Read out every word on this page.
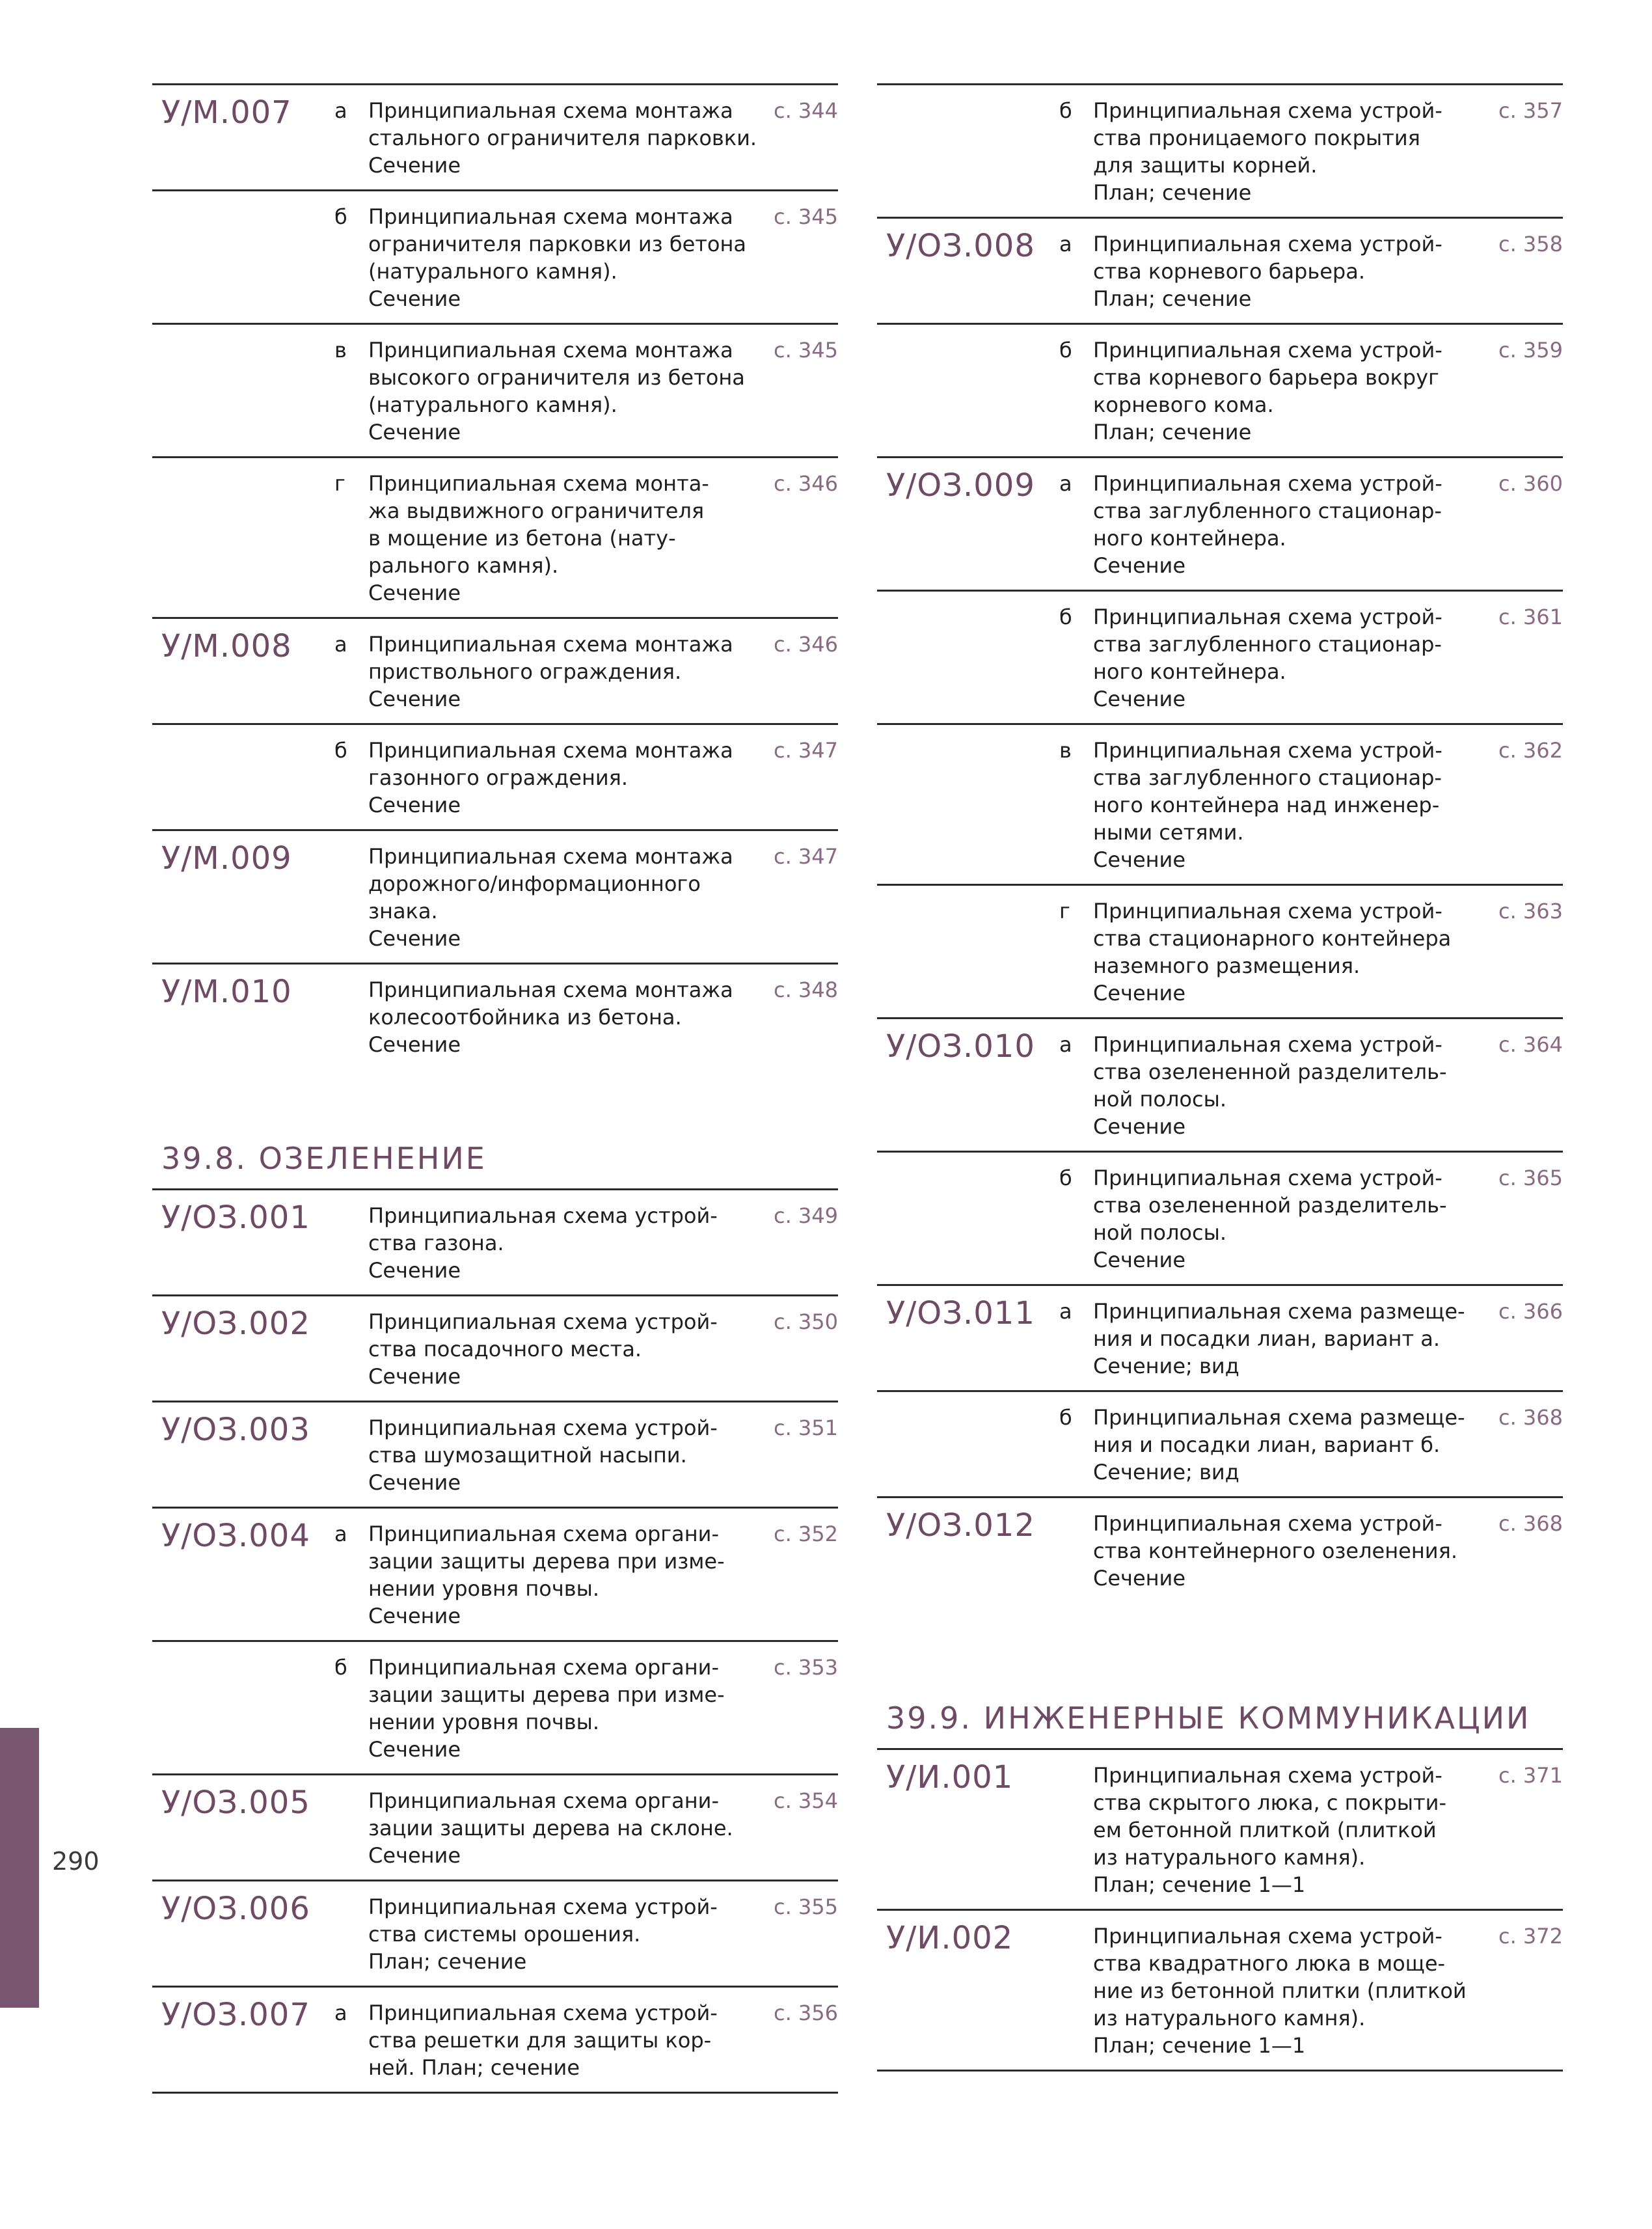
У/М.007 а	Принципиальная схема монтажа
стального ограничителя парковки.
Сечение
с. 344
б	Принципиальная схема монтажа
ограничителя парковки из бетона
(натурального камня).
Сечение
с. 345
в	Принципиальная схема монтажа
высокого ограничителя из бетона
(натурального камня).
Сечение
с. 345
г	Принципиальная схема монта-
жа выдвижного ограничителя
в мощение из бетона (нату-
рального камня).
Сечение
с. 346
У/М.008 а	Принципиальная схема монтажа
приствольного ограждения.
Сечение
с. 346
б	Принципиальная схема монтажа
газонного ограждения.
Сечение
с. 347
У/М.009	Принципиальная схема монтажа
дорожного/информационного
знака.
Сечение
с. 347
У/М.010	Принципиальная схема монтажа
колесоотбойника из бетона.
Сечение
с. 348
39.8. ОЗЕЛЕНЕНИЕ
У/ОЗ.001	Принципиальная схема устрой-
ства газона.
Сечение
с. 349
У/ОЗ.002	Принципиальная схема устрой-
ства посадочного места.
Сечение
с. 350
У/ОЗ.003	Принципиальная схема устрой-
ства шумозащитной насыпи.
Сечение
с. 351
У/ОЗ.004 а	Принципиальная схема органи-
зации защиты дерева при изме-
нении уровня почвы.
Сечение
с. 352
б	Принципиальная схема органи-
зации защиты дерева при изме-
нении уровня почвы.
Сечение
с. 353
У/ОЗ.005	Принципиальная схема органи-
зации защиты дерева на склоне.
Сечение
с. 354
У/ОЗ.006	Принципиальная схема устрой-
ства системы орошения.
План; сечение
с. 355
У/ОЗ.007 а	Принципиальная схема устрой-
ства решетки для защиты кор-
ней. План; сечение
с. 356
б	Принципиальная схема устрой-
ства проницаемого покрытия
для защиты корней.
План; сечение
с. 357
У/ОЗ.008 а	Принципиальная схема устрой-
ства корневого барьера.
План; сечение
с. 358
б	Принципиальная схема устрой-
ства корневого барьера вокруг
корневого кома.
План; сечение
с. 359
У/ОЗ.009 а	Принципиальная схема устрой-
ства заглубленного стационар-
ного контейнера.
Сечение
с. 360
б	Принципиальная схема устрой-
ства заглубленного стационар-
ного контейнера.
Сечение
с. 361
в	Принципиальная схема устрой-
ства заглубленного стационар-
ного контейнера над инженер-
ными сетями.
Сечение
с. 362
г	Принципиальная схема устрой-
ства стационарного контейнера
наземного размещения.
Сечение
с. 363
У/ОЗ.010 а	Принципиальная схема устрой-
ства озелененной разделитель-
ной полосы.
Сечение
с. 364
б	Принципиальная схема устрой-
ства озелененной разделитель-
ной полосы.
Сечение
с. 365
У/ОЗ.011 а	Принципиальная схема размеще-
ния и посадки лиан, вариант а.
Сечение; вид
с. 366
б	Принципиальная схема размеще-
ния и посадки лиан, вариант б.
Сечение; вид
с. 368
У/ОЗ.012	Принципиальная схема устрой-
ства контейнерного озеленения.
Сечение
с. 368
39.9. ИНЖЕНЕРНЫЕ КОММУНИКАЦИИ
У/И.001	Принципиальная схема устрой-
ства скрытого люка, с покрыти-
ем бетонной плиткой (плиткой
из натурального камня).
План; сечение 1—1
с. 371
У/И.002	Принципиальная схема устрой-
ства квадратного люка в моще-
ние из бетонной плитки (плиткой
из натурального камня).
План; сечение 1—1
с. 372
290
